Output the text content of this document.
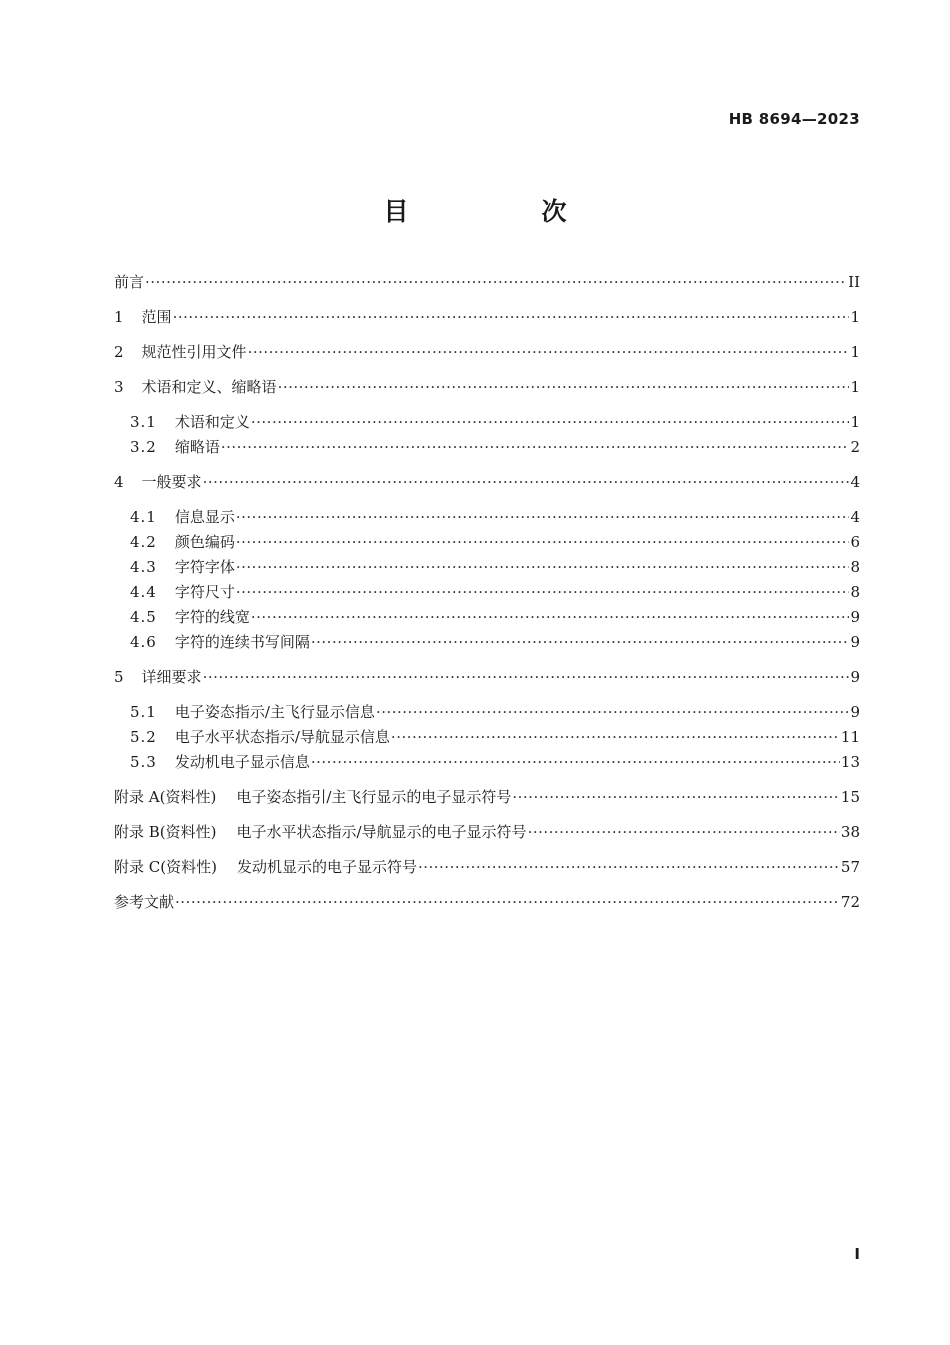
HB 8694—2023
目　次
前言 ·····	II
1 范围 ·····	1
2 规范性引用文件 ·····	1
3 术语和定义、缩略语 ·····	1
3.1 术语和定义 ·····	1
3.2 缩略语 ·····	2
4 一般要求 ·····	4
4.1 信息显示 ·····	4
4.2 颜色编码 ·····	6
4.3 字符字体 ·····	8
4.4 字符尺寸 ·····	8
4.5 字符的线宽 ·····	9
4.6 字符的连续书写间隔 ·····	9
5 详细要求 ·····	9
5.1 电子姿态指示/主飞行显示信息 ·····	9
5.2 电子水平状态指示/导航显示信息 ·····	11
5.3 发动机电子显示信息 ·····	13
附录 A(资料性) 电子姿态指引/主飞行显示的电子显示符号 ·····	15
附录 B(资料性) 电子水平状态指示/导航显示的电子显示符号 ·····	38
附录 C(资料性) 发动机显示的电子显示符号 ·····	57
参考文献 ·····	72
I
